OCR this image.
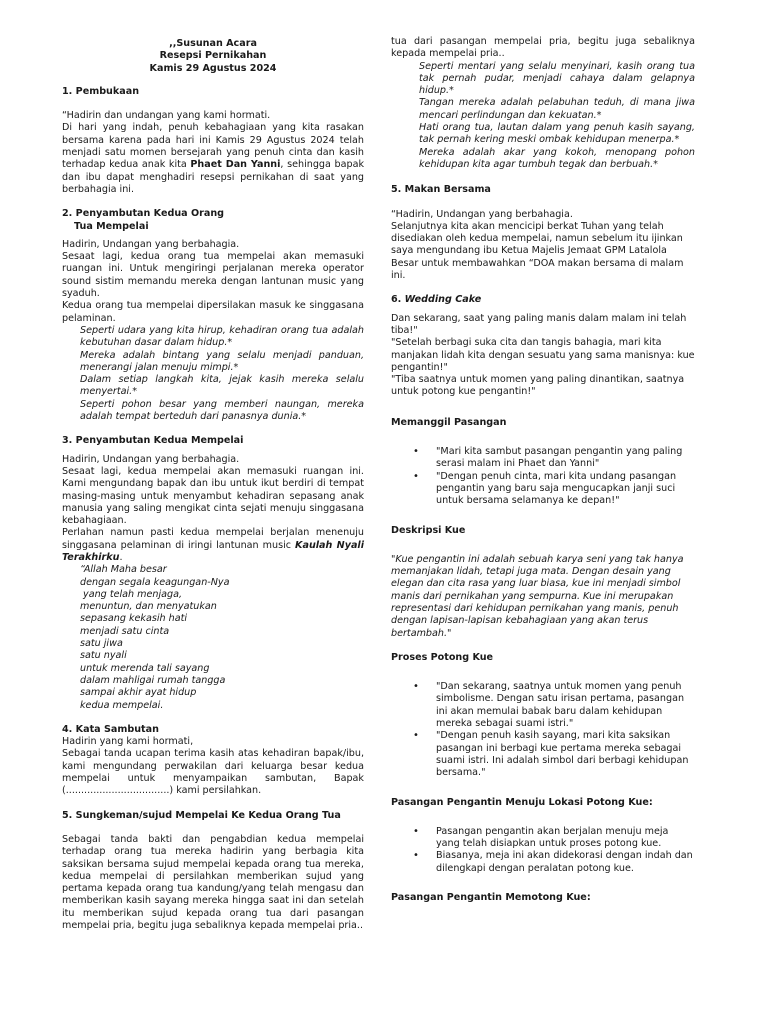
,,Susunan Acara

Resepsi Pernikahan

Kamis 29 Agustus 2024

1. Pembukaan

“Hadirin dan undangan yang kami hormati.

Di hari yang indah, penuh kebahagiaan yang kita rasakan bersama karena pada hari ini Kamis 29 Agustus 2024 telah menjadi satu momen bersejarah yang penuh cinta dan kasih terhadap kedua anak kita Phaet Dan Yanni, sehingga bapak dan ibu dapat menghadiri resepsi pernikahan di saat yang berbahagia ini.

2. Penyambutan Kedua Orang

Tua Mempelai

Hadirin, Undangan yang berbahagia.

Sesaat lagi, kedua orang tua mempelai akan memasuki ruangan ini. Untuk mengiringi perjalanan mereka operator sound sistim memandu mereka dengan lantunan music yang syaduh.

Kedua orang tua mempelai dipersilakan masuk ke singgasana pelaminan.

Seperti udara yang kita hirup, kehadiran orang tua adalah kebutuhan dasar dalam hidup.*

Mereka adalah bintang yang selalu menjadi panduan, menerangi jalan menuju mimpi.*

Dalam setiap langkah kita, jejak kasih mereka selalu menyertai.*

Seperti pohon besar yang memberi naungan, mereka adalah tempat berteduh dari panasnya dunia.*

3. Penyambutan Kedua Mempelai

Hadirin, Undangan yang berbahagia.

Sesaat lagi, kedua mempelai akan memasuki ruangan ini. Kami mengundang bapak dan ibu untuk ikut berdiri di tempat masing-masing untuk menyambut kehadiran sepasang anak manusia yang saling mengikat cinta sejati menuju singgasana kebahagiaan.

Perlahan namun pasti kedua mempelai berjalan menenuju singgasana pelaminan di iringi lantunan music Kaulah Nyali Terakhirku.

“Allah Maha besar

dengan segala keagungan-Nya

yang telah menjaga,

menuntun, dan menyatukan

sepasang kekasih hati

menjadi satu cinta

satu jiwa

satu nyali

untuk merenda tali sayang

dalam mahligai rumah tangga

sampai akhir ayat hidup

kedua mempelai.

4. Kata Sambutan

Hadirin yang kami hormati,

Sebagai tanda ucapan terima kasih atas kehadiran bapak/ibu, kami mengundang perwakilan dari keluarga besar kedua mempelai untuk menyampaikan sambutan, Bapak (..................................) kami persilahkan.

5. Sungkeman/sujud Mempelai Ke Kedua Orang Tua

Sebagai tanda bakti dan pengabdian kedua mempelai terhadap orang tua mereka hadirin yang berbagia kita saksikan bersama sujud mempelai kepada orang tua mereka, kedua mempelai di persilahkan memberikan sujud yang pertama kepada orang tua kandung/yang telah mengasu dan memberikan kasih sayang mereka hingga saat ini dan setelah itu memberikan sujud kepada orang tua dari pasangan mempelai pria, begitu juga sebaliknya kepada mempelai pria..

tua dari pasangan mempelai pria, begitu juga sebaliknya kepada mempelai pria..

Seperti mentari yang selalu menyinari, kasih orang tua tak pernah pudar, menjadi cahaya dalam gelapnya hidup.*

Tangan mereka adalah pelabuhan teduh, di mana jiwa mencari perlindungan dan kekuatan.*

Hati orang tua, lautan dalam yang penuh kasih sayang, tak pernah kering meski ombak kehidupan menerpa.*

Mereka adalah akar yang kokoh, menopang pohon kehidupan kita agar tumbuh tegak dan berbuah.*

5. Makan Bersama

“Hadirin, Undangan yang berbahagia.

Selanjutnya kita akan mencicipi berkat Tuhan yang telah disediakan oleh kedua mempelai, namun sebelum itu ijinkan saya mengundang ibu Ketua Majelis Jemaat GPM Latalola Besar untuk membawahkan “DOA makan bersama di malam ini.

6. Wedding Cake

Dan sekarang, saat yang paling manis dalam malam ini telah tiba!"

"Setelah berbagi suka cita dan tangis bahagia, mari kita manjakan lidah kita dengan sesuatu yang sama manisnya: kue pengantin!"

"Tiba saatnya untuk momen yang paling dinantikan, saatnya untuk potong kue pengantin!"

Memanggil Pasangan

• "Mari kita sambut pasangan pengantin yang paling serasi malam ini Phaet dan Yanni"
• "Dengan penuh cinta, mari kita undang pasangan pengantin yang baru saja mengucapkan janji suci untuk bersama selamanya ke depan!"

Deskripsi Kue

"Kue pengantin ini adalah sebuah karya seni yang tak hanya memanjakan lidah, tetapi juga mata. Dengan desain yang elegan dan cita rasa yang luar biasa, kue ini menjadi simbol manis dari pernikahan yang sempurna. Kue ini merupakan representasi dari kehidupan pernikahan yang manis, penuh dengan lapisan-lapisan kebahagiaan yang akan terus bertambah."

Proses Potong Kue

• "Dan sekarang, saatnya untuk momen yang penuh simbolisme. Dengan satu irisan pertama, pasangan ini akan memulai babak baru dalam kehidupan mereka sebagai suami istri."
• "Dengan penuh kasih sayang, mari kita saksikan pasangan ini berbagi kue pertama mereka sebagai suami istri. Ini adalah simbol dari berbagi kehidupan bersama."

Pasangan Pengantin Menuju Lokasi Potong Kue:

• Pasangan pengantin akan berjalan menuju meja yang telah disiapkan untuk proses potong kue.
• Biasanya, meja ini akan didekorasi dengan indah dan dilengkapi dengan peralatan potong kue.

Pasangan Pengantin Memotong Kue:
